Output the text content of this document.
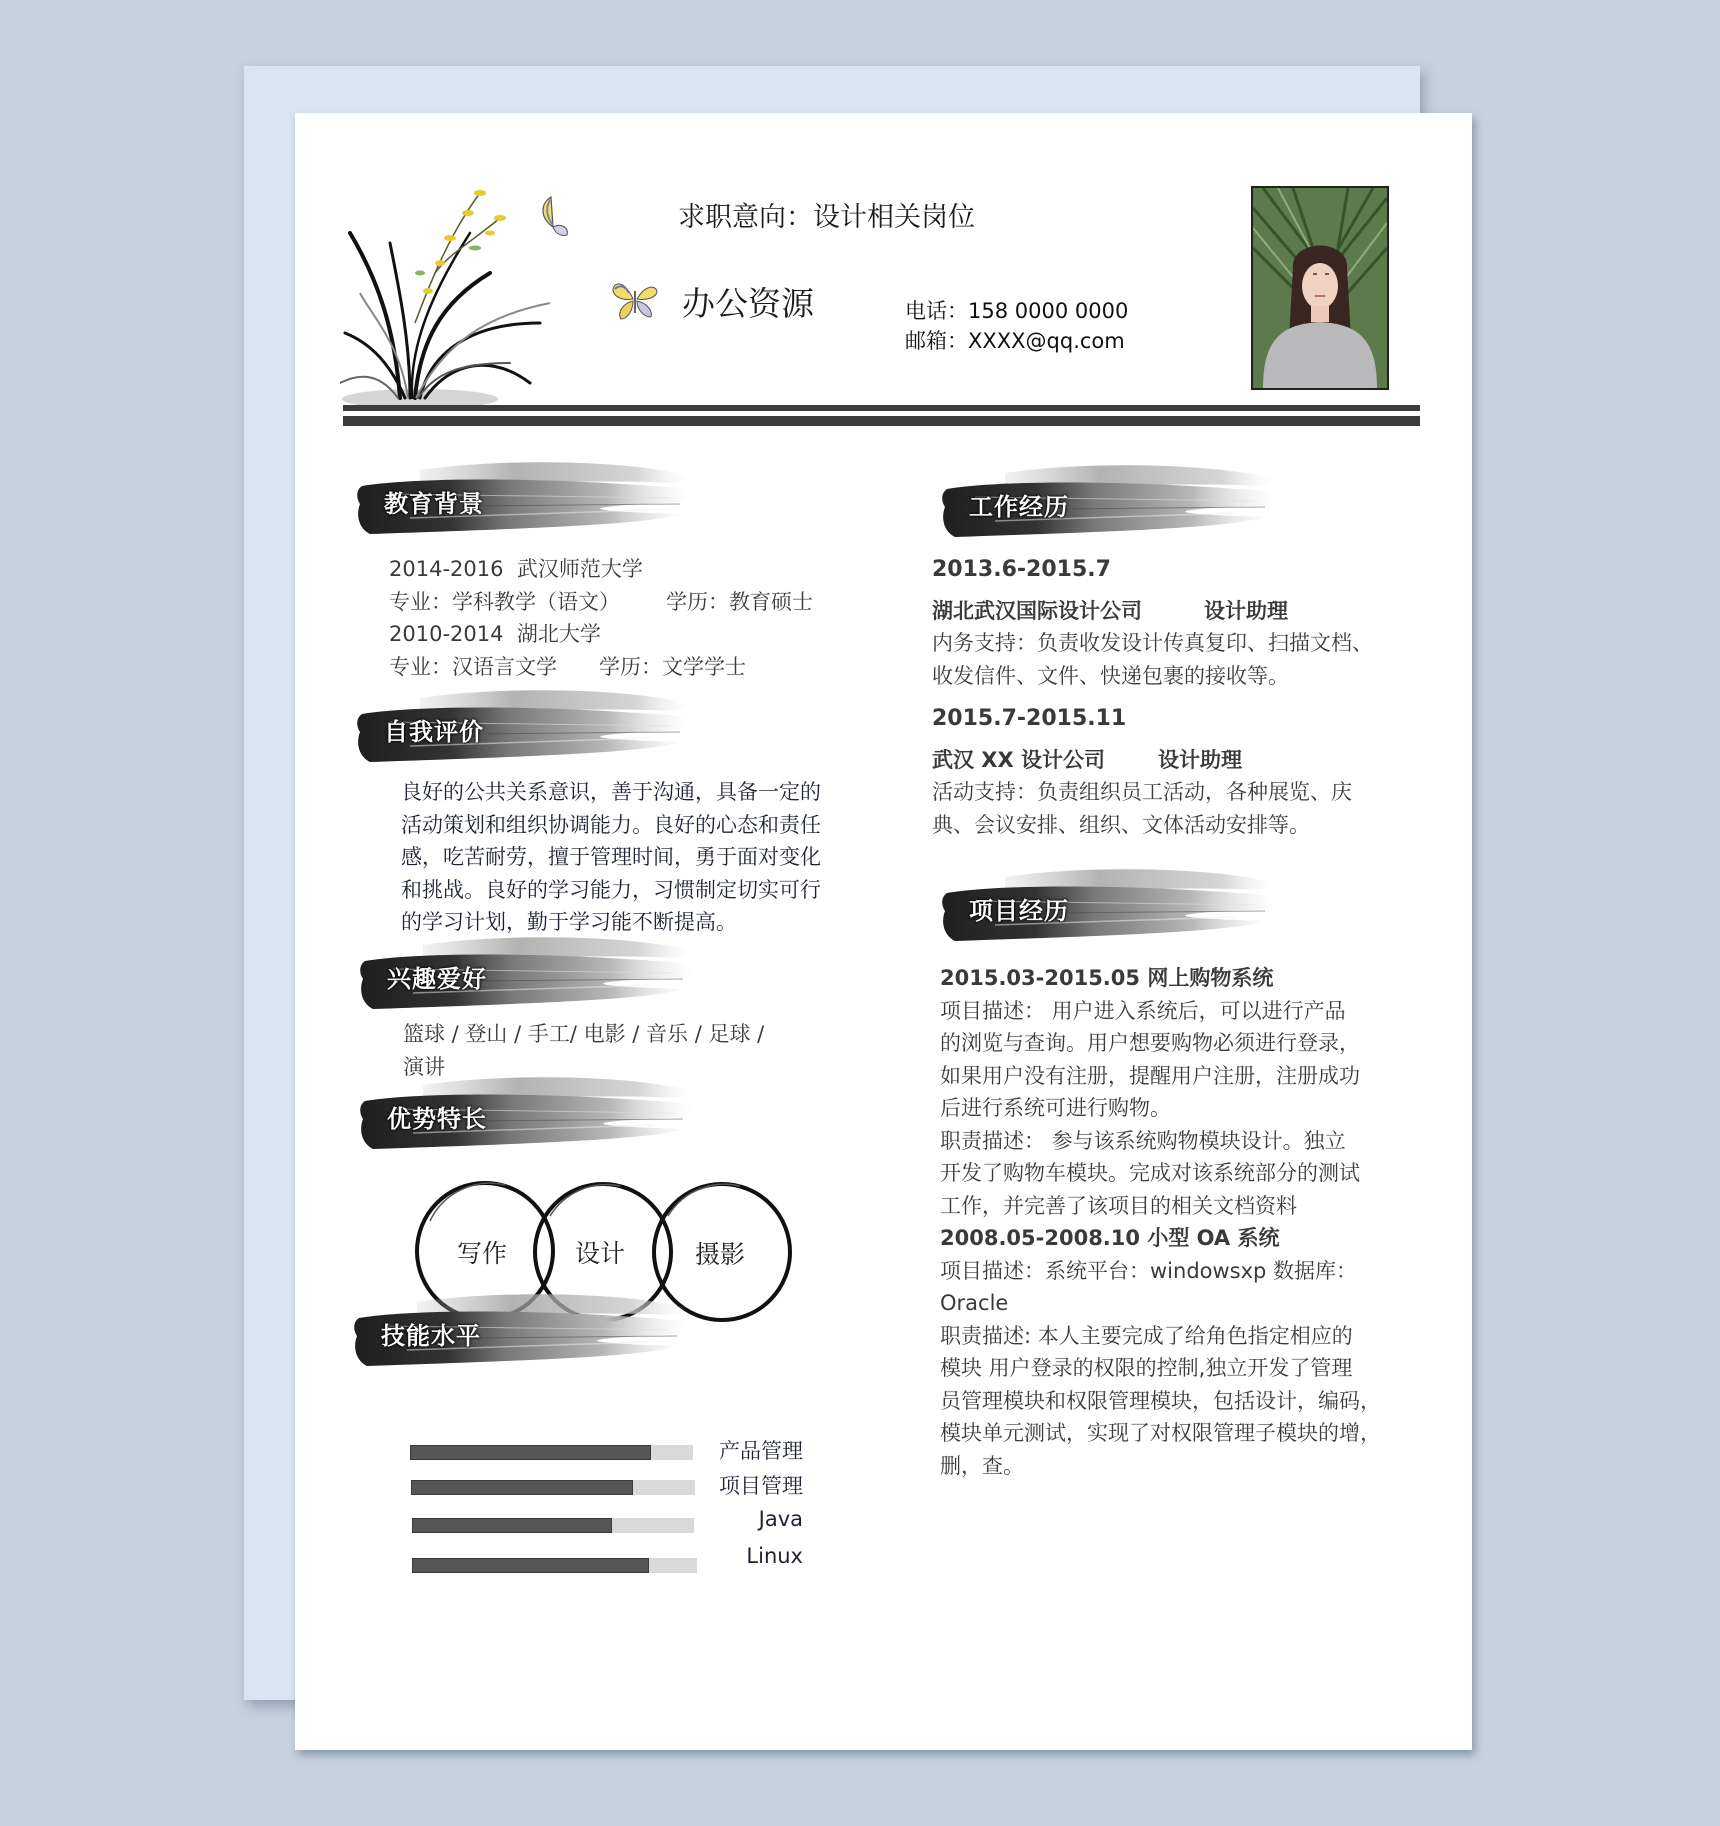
求职意向：设计相关岗位
办公资源	电话：158 0000 0000
邮箱：XXXX@qq.com
教育背景
2014-2016 武汉师范大学
专业：学科教学（语文） 学历：教育硕士
2010-2014 湖北大学
专业：汉语言文学 学历：文学学士
自我评价
良好的公共关系意识，善于沟通，具备一定的
活动策划和组织协调能力。良好的心态和责任
感，吃苦耐劳，擅于管理时间，勇于面对变化
和挑战。良好的学习能力，习惯制定切实可行
的学习计划，勤于学习能不断提高。
兴趣爱好
篮球 / 登山 / 手工/ 电影 / 音乐 / 足球 /
演讲
优势特长
写作	设计	摄影
技能水平
产品管理
项目管理
Java
Linux
工作经历
2013.6-2015.7
湖北武汉国际设计公司	设计助理
内务支持：负责收发设计传真复印、扫描文档、
收发信件、文件、快递包裹的接收等。
2015.7-2015.11
武汉 XX 设计公司	设计助理
活动支持：负责组织员工活动，各种展览、庆
典、会议安排、组织、文体活动安排等。
项目经历
2015.03-2015.05 网上购物系统
项目描述： 用户进入系统后，可以进行产品
的浏览与查询。用户想要购物必须进行登录，
如果用户没有注册，提醒用户注册，注册成功
后进行系统可进行购物。
职责描述： 参与该系统购物模块设计。独立
开发了购物车模块。完成对该系统部分的测试
工作，并完善了该项目的相关文档资料
2008.05-2008.10 小型 OA 系统
项目描述：系统平台：windowsxp 数据库：
Oracle
职责描述: 本人主要完成了给角色指定相应的
模块 用户登录的权限的控制,独立开发了管理
员管理模块和权限管理模块，包括设计，编码，
模块单元测试，实现了对权限管理子模块的增，
删，查。
